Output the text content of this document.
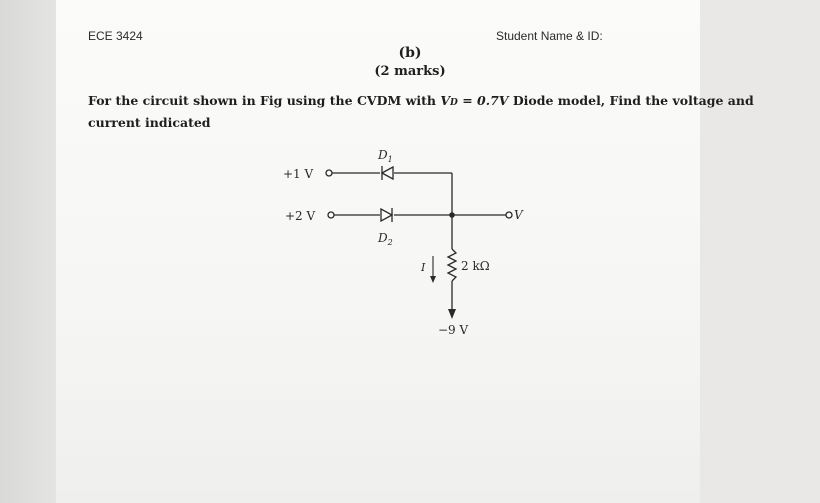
ECE 3424	Student Name & ID:
(b)
(2 marks)
For the circuit shown in Fig using the CVDM with VD = 0.7V Diode model, Find the voltage and
current indicated
+1 V
+2 V
$D_1$
$D_2$
I	2 kΩ
V
−9 V
